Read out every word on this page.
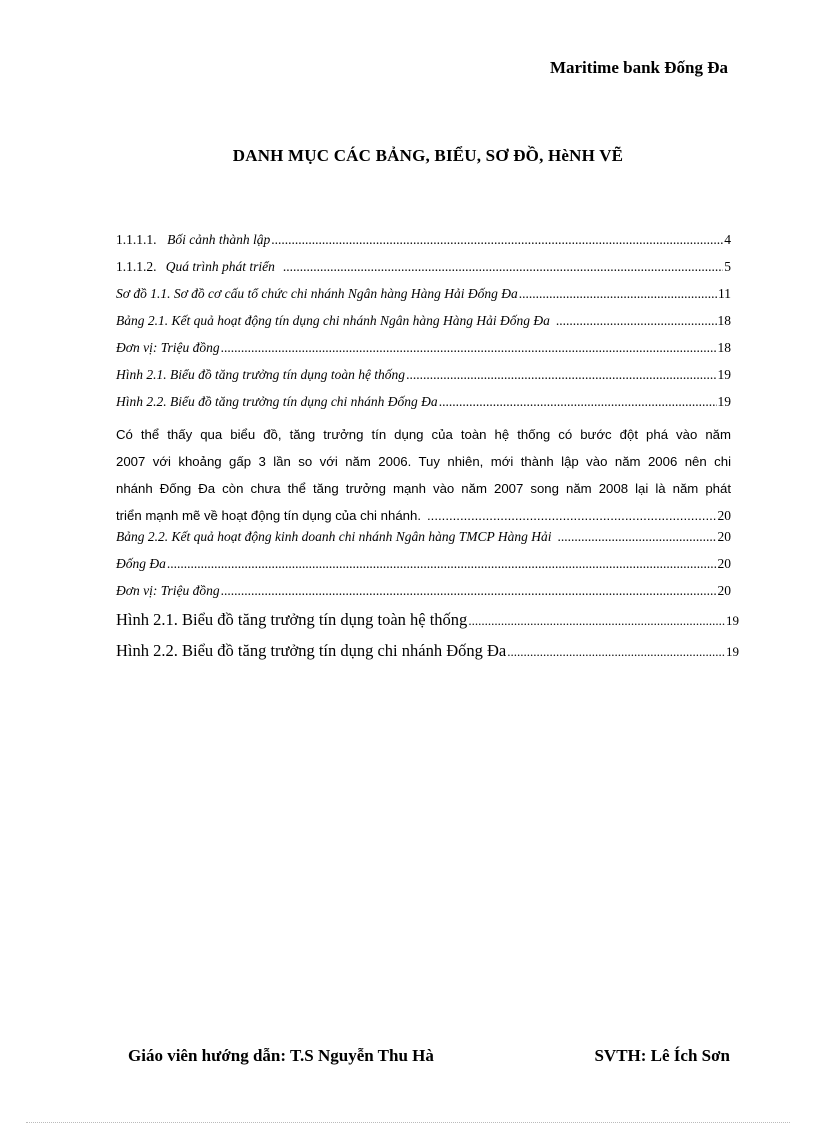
Maritime bank Đống Đa
DANH MỤC CÁC BẢNG, BIỂU, SƠ ĐỒ, HèNH VẼ
1.1.1.1. Bối cảnh thành lập .....	4
1.1.1.2. Quá trình phát triển .....	5
Sơ đồ 1.1. Sơ đồ cơ cấu tổ chức chi nhánh Ngân hàng Hàng Hải Đống Đa .....	11
Bảng 2.1. Kết quả hoạt động tín dụng chi nhánh Ngân hàng Hàng Hải Đống Đa .....	18
Đơn vị: Triệu đồng .....	18
Hình 2.1. Biểu đồ tăng trưởng tín dụng toàn hệ thống .....	19
Hình 2.2. Biểu đồ tăng trưởng tín dụng chi nhánh Đống Đa .....	19
Có thể thấy qua biểu đồ, tăng trưởng tín dụng của toàn hệ thống có bước đột phá vào năm
2007 với khoảng gấp 3 lần so với năm 2006. Tuy nhiên, mới thành lập vào năm 2006 nên chi
nhánh Đống Đa còn chưa thể tăng trưởng mạnh vào năm 2007 song năm 2008 lại là năm phát
triển mạnh mẽ về hoạt động tín dụng của chi nhánh. .....	20
Bảng 2.2. Kết quả hoạt động kinh doanh chi nhánh Ngân hàng TMCP Hàng Hải .....	20
Đống Đa .....	20
Đơn vị: Triệu đồng .....	20
Hình 2.1. Biểu đồ tăng trưởng tín dụng toàn hệ thống .....	19
Hình 2.2. Biểu đồ tăng trưởng tín dụng chi nhánh Đống Đa .....	19
Giáo viên hướng dẫn: T.S Nguyễn Thu Hà	SVTH: Lê Ích Sơn
